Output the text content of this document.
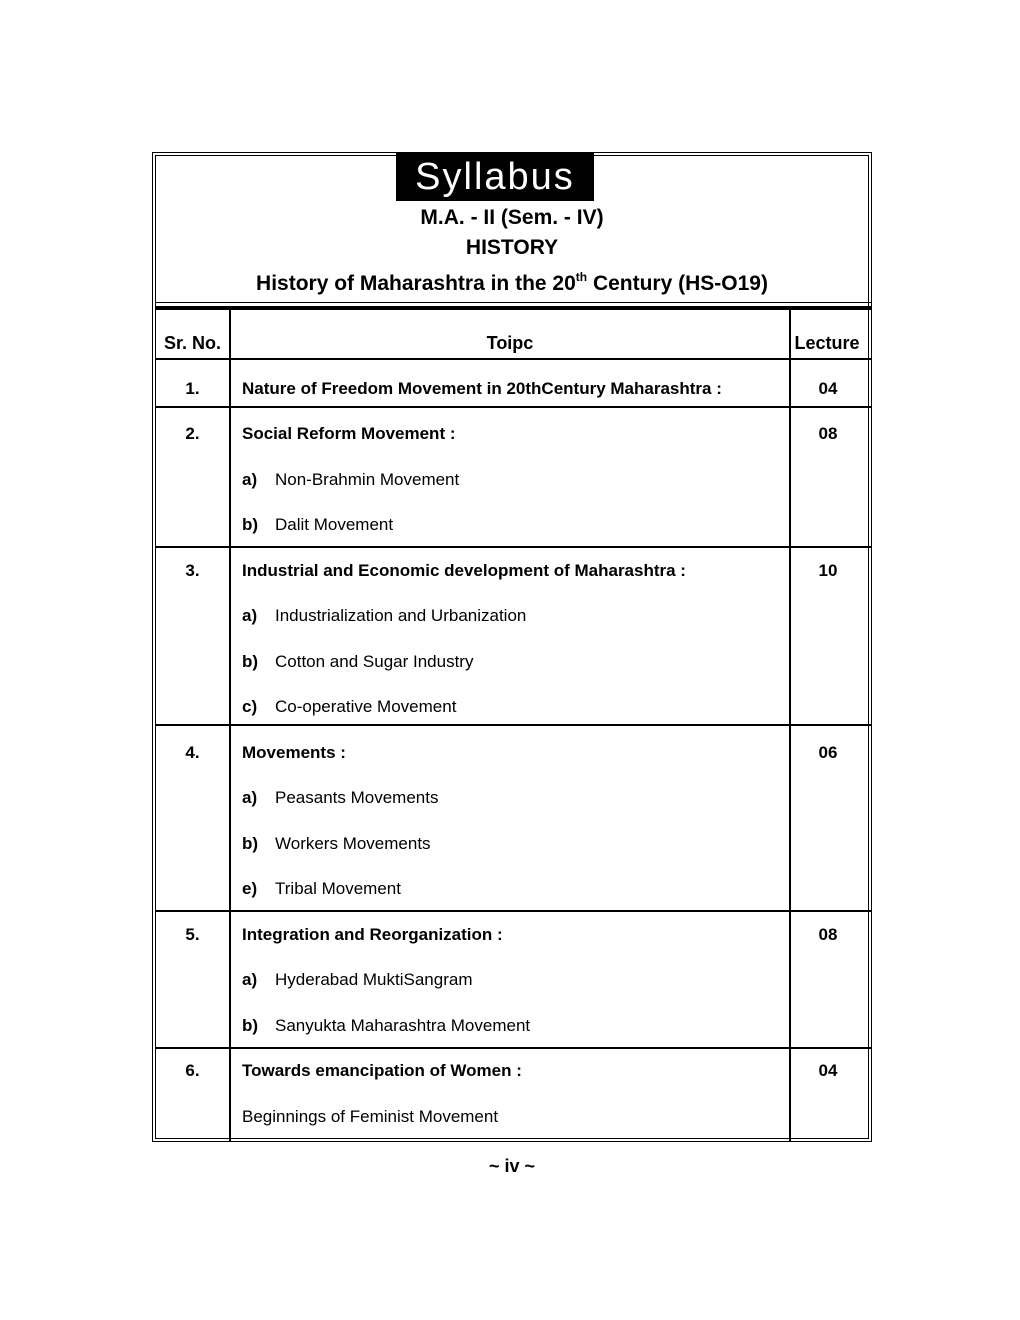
Syllabus
M.A. - II (Sem. - IV)
HISTORY
History of Maharashtra in the 20th Century (HS-O19)
Sr. No.	Toipc	Lecture
1.	Nature of Freedom Movement in 20thCentury Maharashtra :	04
2.	Social Reform Movement :	08
a) Non-Brahmin Movement
b) Dalit Movement
3.	Industrial and Economic development of Maharashtra :	10
a) Industrialization and Urbanization
b) Cotton and Sugar Industry
c) Co-operative Movement
4.	Movements :	06
a) Peasants Movements
b) Workers Movements
e) Tribal Movement
5.	Integration and Reorganization :	08
a) Hyderabad MuktiSangram
b) Sanyukta Maharashtra Movement
6.	Towards emancipation of Women :	04
Beginnings of Feminist Movement
~ iv ~
